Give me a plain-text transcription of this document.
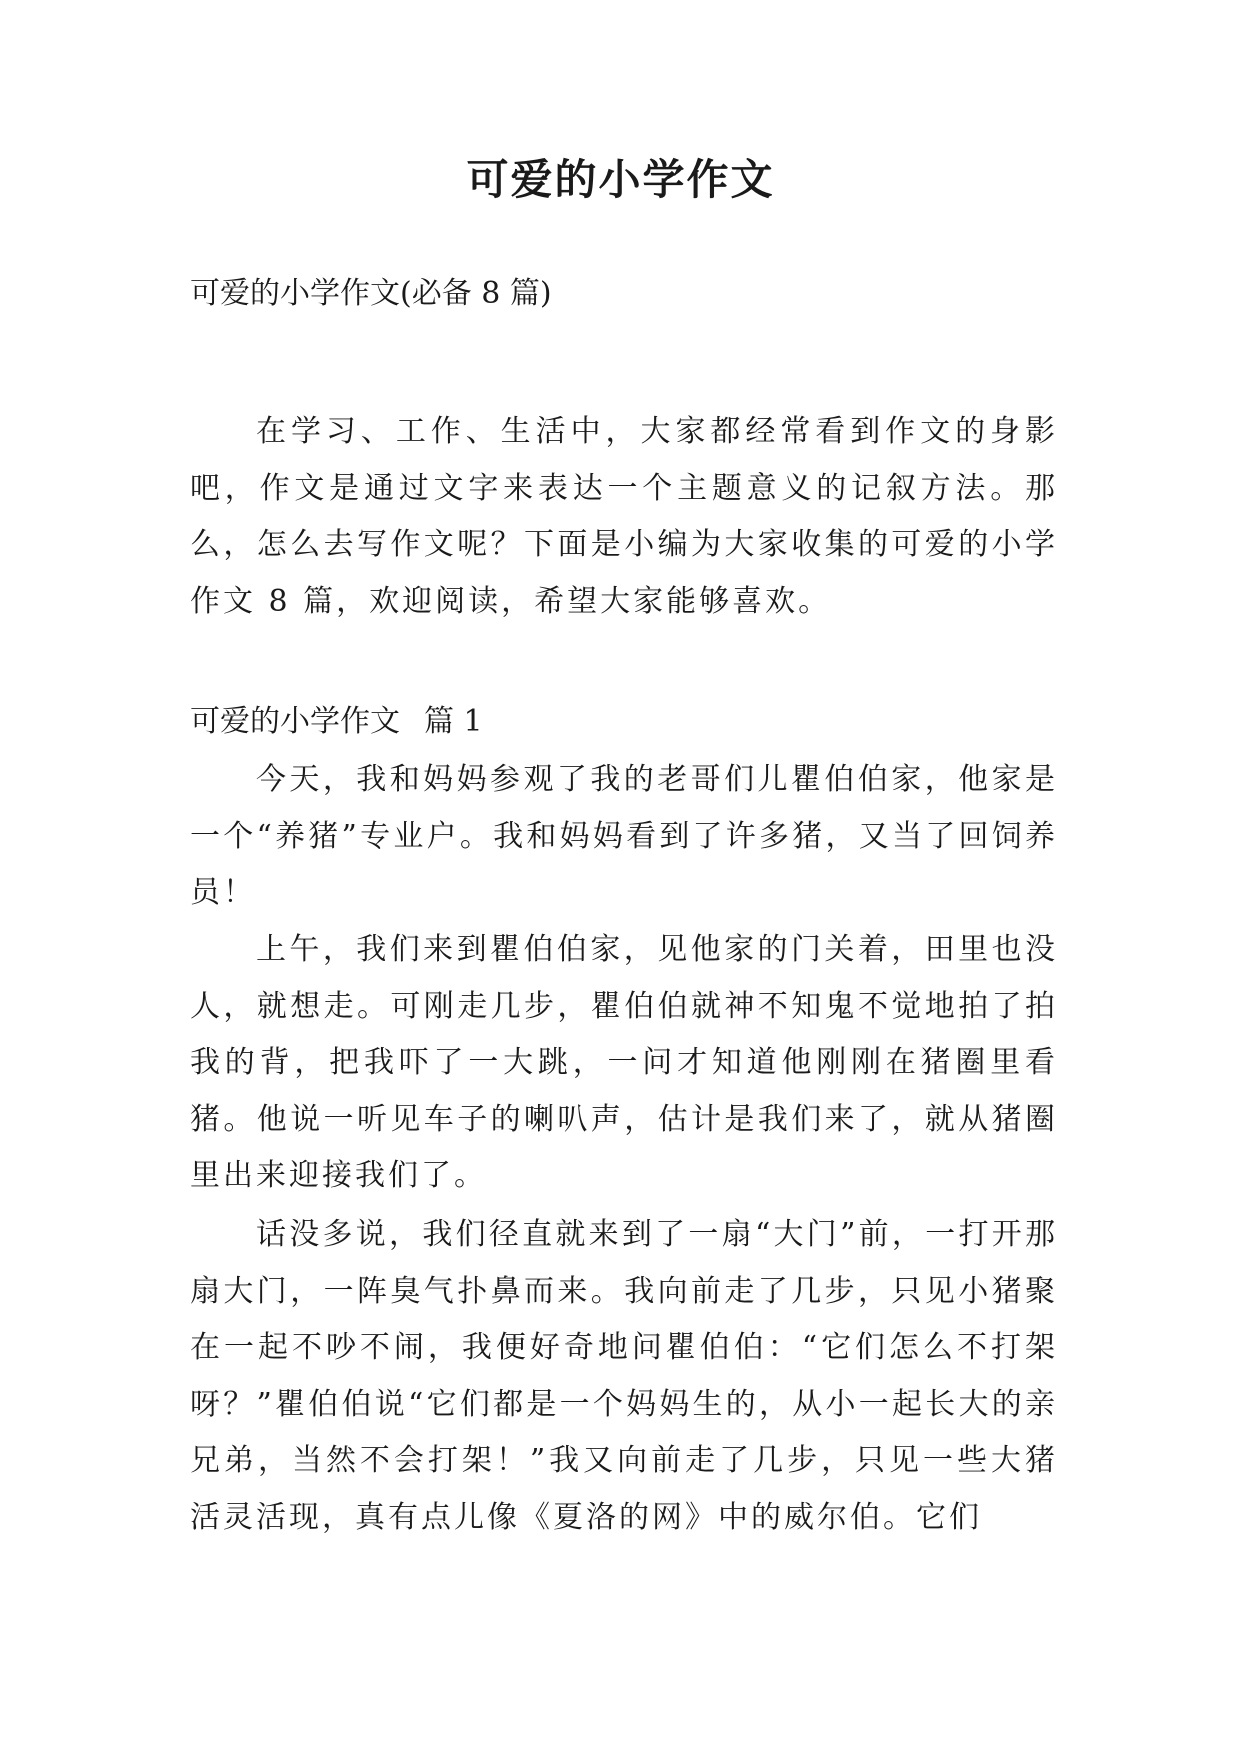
可爱的小学作文
可爱的小学作文(必备 8 篇)

在学习、工作、生活中，大家都经常看到作文的身影吧，作文是通过文字来表达一个主题意义的记叙方法。那么，怎么去写作文呢？下面是小编为大家收集的可爱的小学作文 8 篇，欢迎阅读，希望大家能够喜欢。

可爱的小学作文 篇 1

今天，我和妈妈参观了我的老哥们儿瞿伯伯家，他家是一个“养猪”专业户。我和妈妈看到了许多猪，又当了回饲养员！

上午，我们来到瞿伯伯家，见他家的门关着，田里也没人，就想走。可刚走几步，瞿伯伯就神不知鬼不觉地拍了拍我的背，把我吓了一大跳，一问才知道他刚刚在猪圈里看猪。他说一听见车子的喇叭声，估计是我们来了，就从猪圈里出来迎接我们了。

话没多说，我们径直就来到了一扇“大门”前，一打开那扇大门，一阵臭气扑鼻而来。我向前走了几步，只见小猪聚在一起不吵不闹，我便好奇地问瞿伯伯：“它们怎么不打架呀？”瞿伯伯说“它们都是一个妈妈生的，从小一起长大的亲兄弟，当然不会打架！”我又向前走了几步，只见一些大猪活灵活现，真有点儿像《夏洛的网》中的威尔伯。它们
